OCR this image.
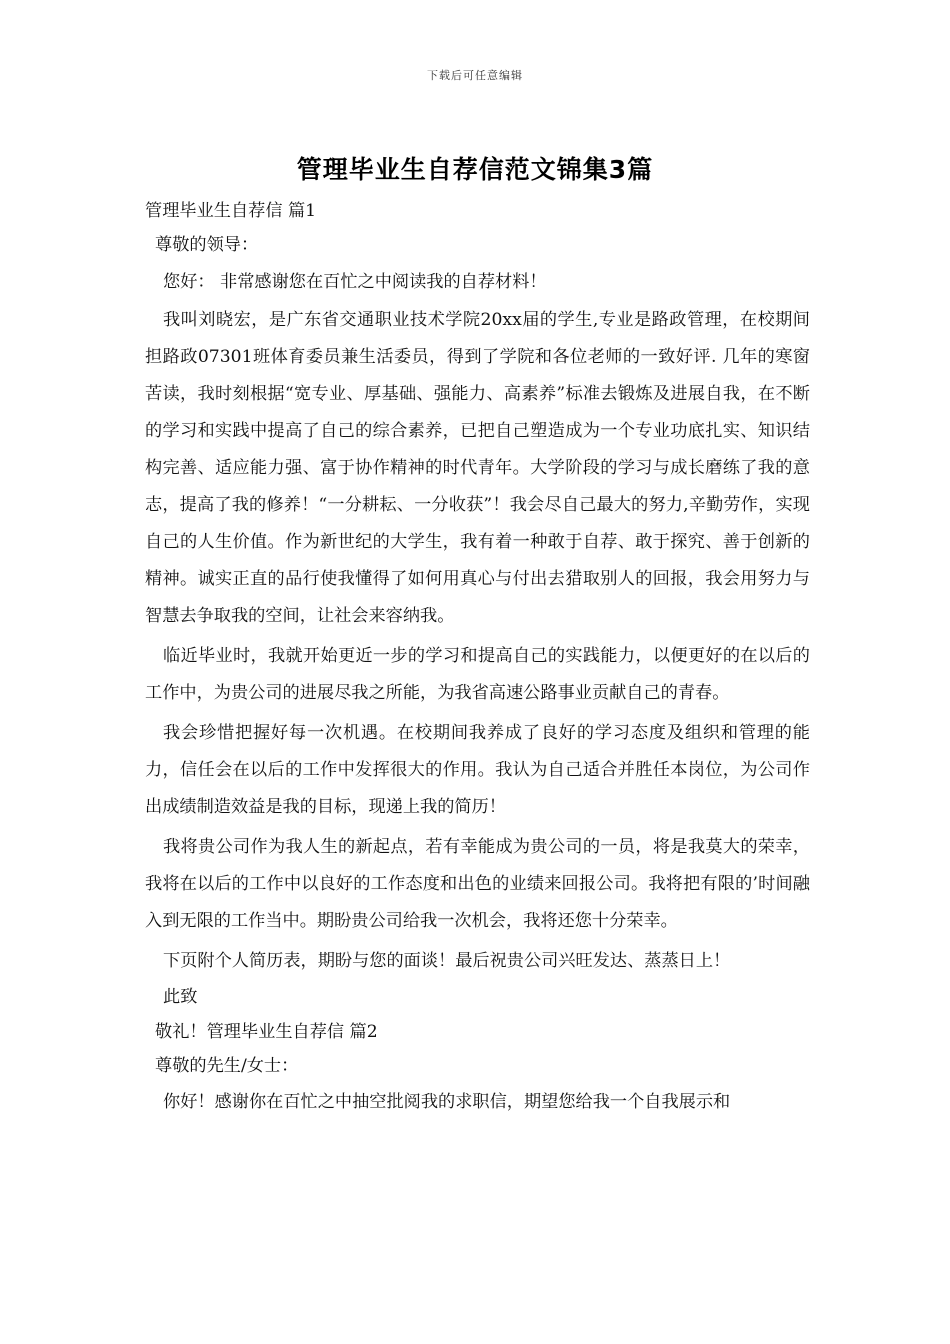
下载后可任意编辑
管理毕业生自荐信范文锦集3篇

管理毕业生自荐信 篇1

尊敬的领导：

您好： 非常感谢您在百忙之中阅读我的自荐材料！

我叫刘晓宏，是广东省交通职业技术学院20xx届的学生,专业是路政管理，在校期间担路政07301班体育委员兼生活委员，得到了学院和各位老师的一致好评. 几年的寒窗苦读，我时刻根据“宽专业、厚基础、强能力、高素养”标准去锻炼及进展自我，在不断的学习和实践中提高了自己的综合素养，已把自己塑造成为一个专业功底扎实、知识结构完善、适应能力强、富于协作精神的时代青年。大学阶段的学习与成长磨练了我的意志，提高了我的修养！“一分耕耘、一分收获”！我会尽自己最大的努力,辛勤劳作，实现自己的人生价值。作为新世纪的大学生，我有着一种敢于自荐、敢于探究、善于创新的精神。诚实正直的品行使我懂得了如何用真心与付出去猎取别人的回报，我会用努力与智慧去争取我的空间，让社会来容纳我。

临近毕业时，我就开始更近一步的学习和提高自己的实践能力，以便更好的在以后的工作中，为贵公司的进展尽我之所能，为我省高速公路事业贡献自己的青春。

我会珍惜把握好每一次机遇。在校期间我养成了良好的学习态度及组织和管理的能力，信任会在以后的工作中发挥很大的作用。我认为自己适合并胜任本岗位，为公司作出成绩制造效益是我的目标，现递上我的简历！

我将贵公司作为我人生的新起点，若有幸能成为贵公司的一员，将是我莫大的荣幸，我将在以后的工作中以良好的工作态度和出色的业绩来回报公司。我将把有限的’时间融入到无限的工作当中。期盼贵公司给我一次机会，我将还您十分荣幸。

下页附个人简历表，期盼与您的面谈！最后祝贵公司兴旺发达、蒸蒸日上！

此致

敬礼！管理毕业生自荐信 篇2

尊敬的先生/女士：

你好！感谢你在百忙之中抽空批阅我的求职信，期望您给我一个自我展示和
